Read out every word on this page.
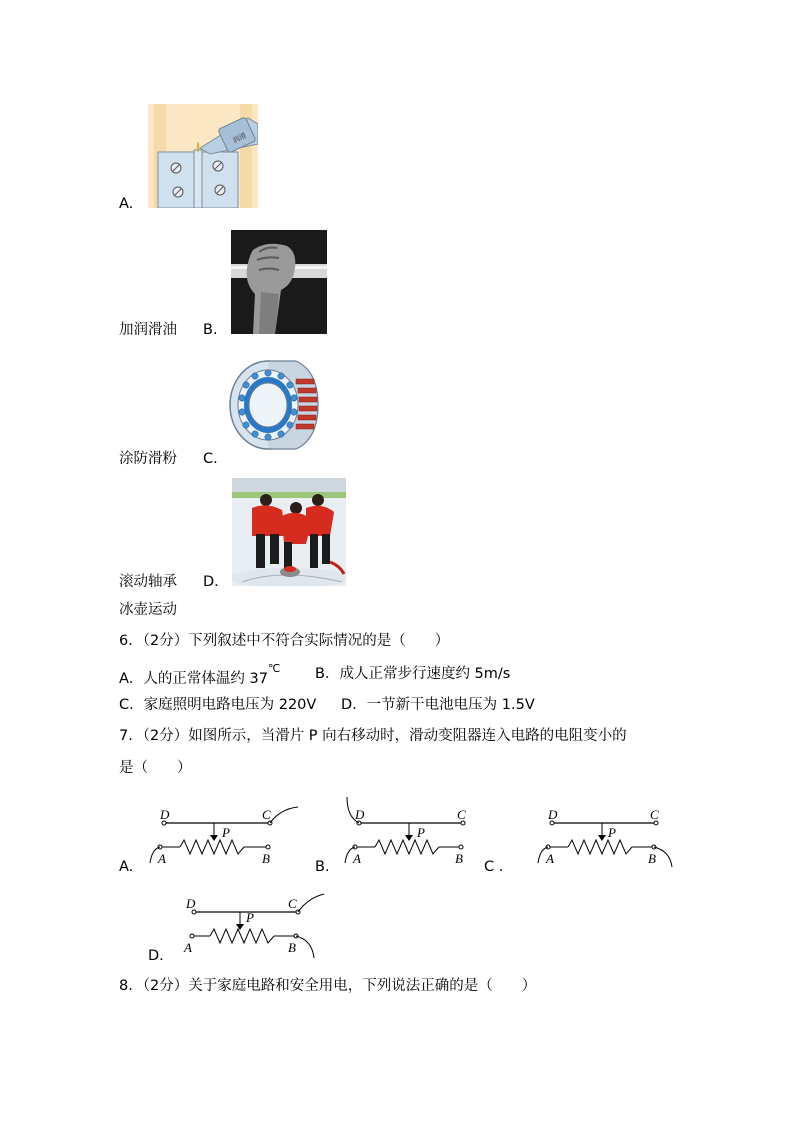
润滑
A.
加润滑油 B.
涂防滑粉 C.
滚动轴承 D.
冰壶运动
6．（2分）下列叙述中不符合实际情况的是（　　）
A．人的正常体温约 37℃ B．成人正常步行速度约 5m/s
C．家庭照明电路电压为 220V D．一节新干电池电压为 1.5V
7．（2分）如图所示，当滑片 P 向右移动时，滑动变阻器连入电路的电阻变小的
是（　　）
D	C
P
A	B
A.
D	C
P
A	B
B.
D	C
P
A	B
C .
D	C
P
A	B
D.
8．（2分）关于家庭电路和安全用电，下列说法正确的是（　　）
